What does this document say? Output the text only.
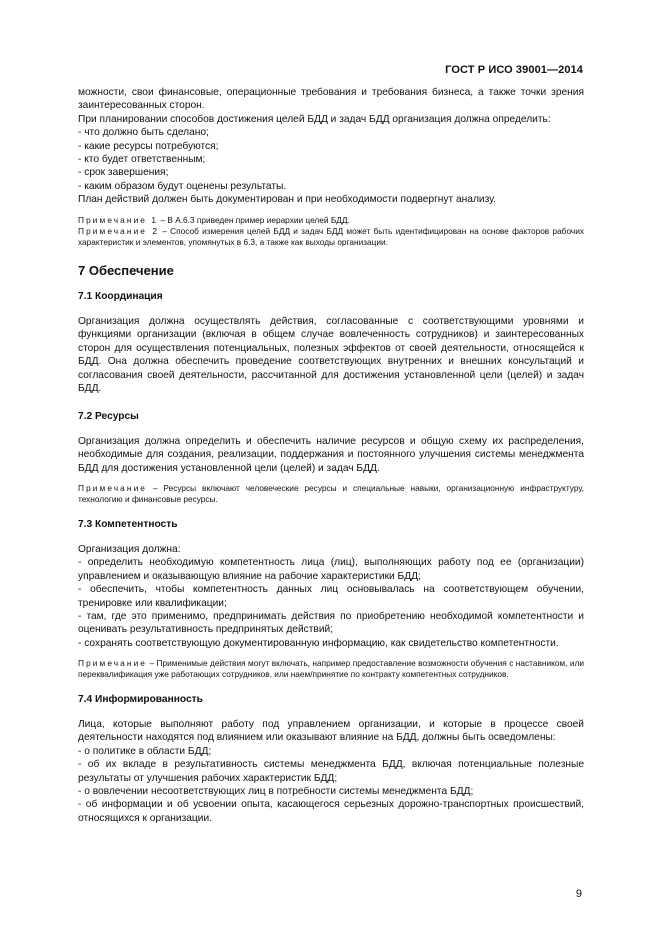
ГОСТ Р ИСО 39001—2014

можности, свои финансовые, операционные требования и требования бизнеса, а также точки зрения заинтересованных сторон.

При планировании способов достижения целей БДД и задач БДД организация должна определить:

- что должно быть сделано;
- какие ресурсы потребуются;
- кто будет ответственным;
- срок завершения;
- каким образом будут оценены результаты.

План действий должен быть документирован и при необходимости подвергнут анализу.

Примечание 1 – В А.6.3 приведен пример иерархии целей БДД.

Примечание 2 – Способ измерения целей БДД и задач БДД может быть идентифицирован на основе факторов рабочих характеристик и элементов, упомянутых в 6.3, а также как выходы организации.

7 Обеспечение
7.1 Координация

Организация должна осуществлять действия, согласованные с соответствующими уровнями и функциями организации (включая в общем случае вовлеченность сотрудников) и заинтересованных сторон для осуществления потенциальных, полезных эффектов от своей деятельности, относящейся к БДД. Она должна обеспечить проведение соответствующих внутренних и внешних консультаций и согласования своей деятельности, рассчитанной для достижения установленной цели (целей) и задач БДД.

7.2 Ресурсы

Организация должна определить и обеспечить наличие ресурсов и общую схему их распределения, необходимые для создания, реализации, поддержания и постоянного улучшения системы менеджмента БДД для достижения установленной цели (целей) и задач БДД.

Примечание – Ресурсы включают человеческие ресурсы и специальные навыки, организационную инфраструктуру, технологию и финансовые ресурсы.

7.3 Компетентность

Организация должна:

- определить необходимую компетентность лица (лиц), выполняющих работу под ее (организации) управлением и оказывающую влияние на рабочие характеристики БДД;

- обеспечить, чтобы компетентность данных лиц основывалась на соответствующем обучении, тренировке или квалификации;

- там, где это применимо, предпринимать действия по приобретению необходимой компетентности и оценивать результативность предпринятых действий;

- сохранять соответствующую документированную информацию, как свидетельство компетентности.

Примечание – Применимые действия могут включать, например предоставление возможности обучения с наставником, или переквалификация уже работающих сотрудников, или наем/принятие по контракту компетентных сотрудников.

7.4 Информированность

Лица, которые выполняют работу под управлением организации, и которые в процессе своей деятельности находятся под влиянием или оказывают влияние на БДД, должны быть осведомлены:

- о политике в области БДД;

- об их вкладе в результативность системы менеджмента БДД, включая потенциальные полезные результаты от улучшения рабочих характеристик БДД;

- о вовлечении несоответствующих лиц в потребности системы менеджмента БДД;

- об информации и об усвоении опыта, касающегося серьезных дорожно-транспортных происшествий, относящихся к организации.

9
